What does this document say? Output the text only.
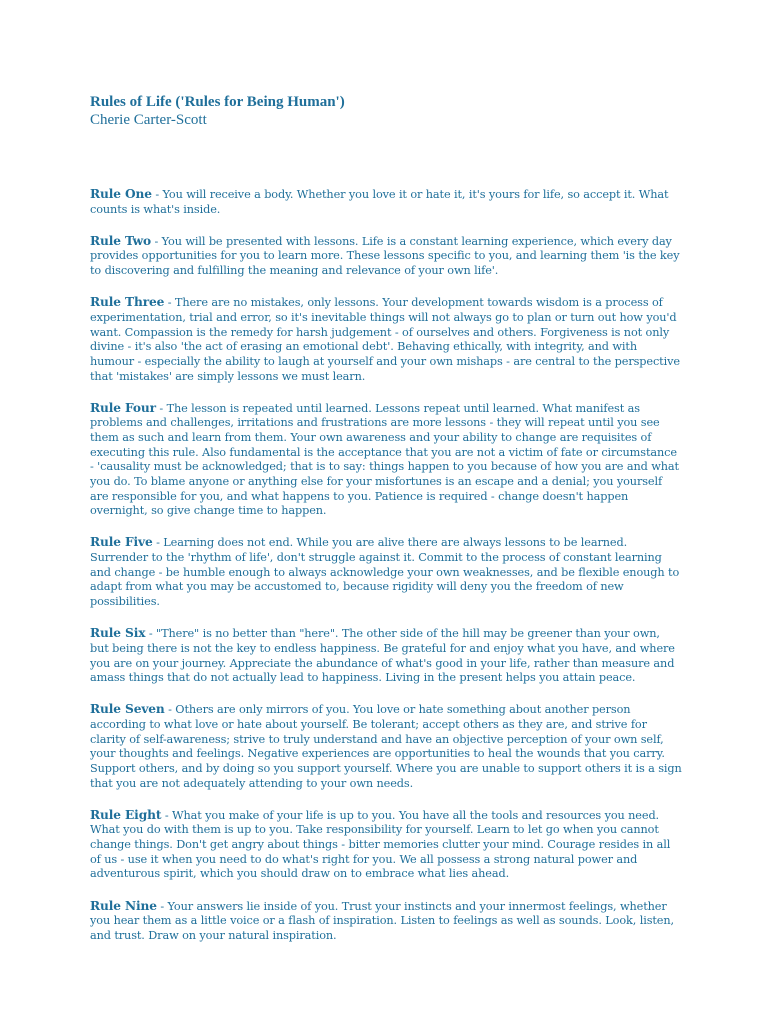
Rules of Life ('Rules for Being Human')

Cherie Carter-Scott

Rule One - You will receive a body. Whether you love it or hate it, it's yours for life, so accept it. What counts is what's inside.

Rule Two - You will be presented with lessons. Life is a constant learning experience, which every day provides opportunities for you to learn more. These lessons specific to you, and learning them 'is the key to discovering and fulfilling the meaning and relevance of your own life'.

Rule Three - There are no mistakes, only lessons. Your development towards wisdom is a process of experimentation, trial and error, so it's inevitable things will not always go to plan or turn out how you'd want. Compassion is the remedy for harsh judgement - of ourselves and others. Forgiveness is not only divine - it's also 'the act of erasing an emotional debt'. Behaving ethically, with integrity, and with humour - especially the ability to laugh at yourself and your own mishaps - are central to the perspective that 'mistakes' are simply lessons we must learn.

Rule Four - The lesson is repeated until learned. Lessons repeat until learned. What manifest as problems and challenges, irritations and frustrations are more lessons - they will repeat until you see them as such and learn from them. Your own awareness and your ability to change are requisites of executing this rule. Also fundamental is the acceptance that you are not a victim of fate or circumstance - 'causality must be acknowledged; that is to say: things happen to you because of how you are and what you do. To blame anyone or anything else for your misfortunes is an escape and a denial; you yourself are responsible for you, and what happens to you. Patience is required - change doesn't happen overnight, so give change time to happen.

Rule Five - Learning does not end. While you are alive there are always lessons to be learned. Surrender to the 'rhythm of life', don't struggle against it. Commit to the process of constant learning and change - be humble enough to always acknowledge your own weaknesses, and be flexible enough to adapt from what you may be accustomed to, because rigidity will deny you the freedom of new possibilities.

Rule Six - "There" is no better than "here". The other side of the hill may be greener than your own, but being there is not the key to endless happiness. Be grateful for and enjoy what you have, and where you are on your journey. Appreciate the abundance of what's good in your life, rather than measure and amass things that do not actually lead to happiness. Living in the present helps you attain peace.

Rule Seven - Others are only mirrors of you. You love or hate something about another person according to what love or hate about yourself. Be tolerant; accept others as they are, and strive for clarity of self-awareness; strive to truly understand and have an objective perception of your own self, your thoughts and feelings. Negative experiences are opportunities to heal the wounds that you carry. Support others, and by doing so you support yourself. Where you are unable to support others it is a sign that you are not adequately attending to your own needs.

Rule Eight - What you make of your life is up to you. You have all the tools and resources you need. What you do with them is up to you. Take responsibility for yourself. Learn to let go when you cannot change things. Don't get angry about things - bitter memories clutter your mind. Courage resides in all of us - use it when you need to do what's right for you. We all possess a strong natural power and adventurous spirit, which you should draw on to embrace what lies ahead.

Rule Nine - Your answers lie inside of you. Trust your instincts and your innermost feelings, whether you hear them as a little voice or a flash of inspiration. Listen to feelings as well as sounds. Look, listen, and trust. Draw on your natural inspiration.
